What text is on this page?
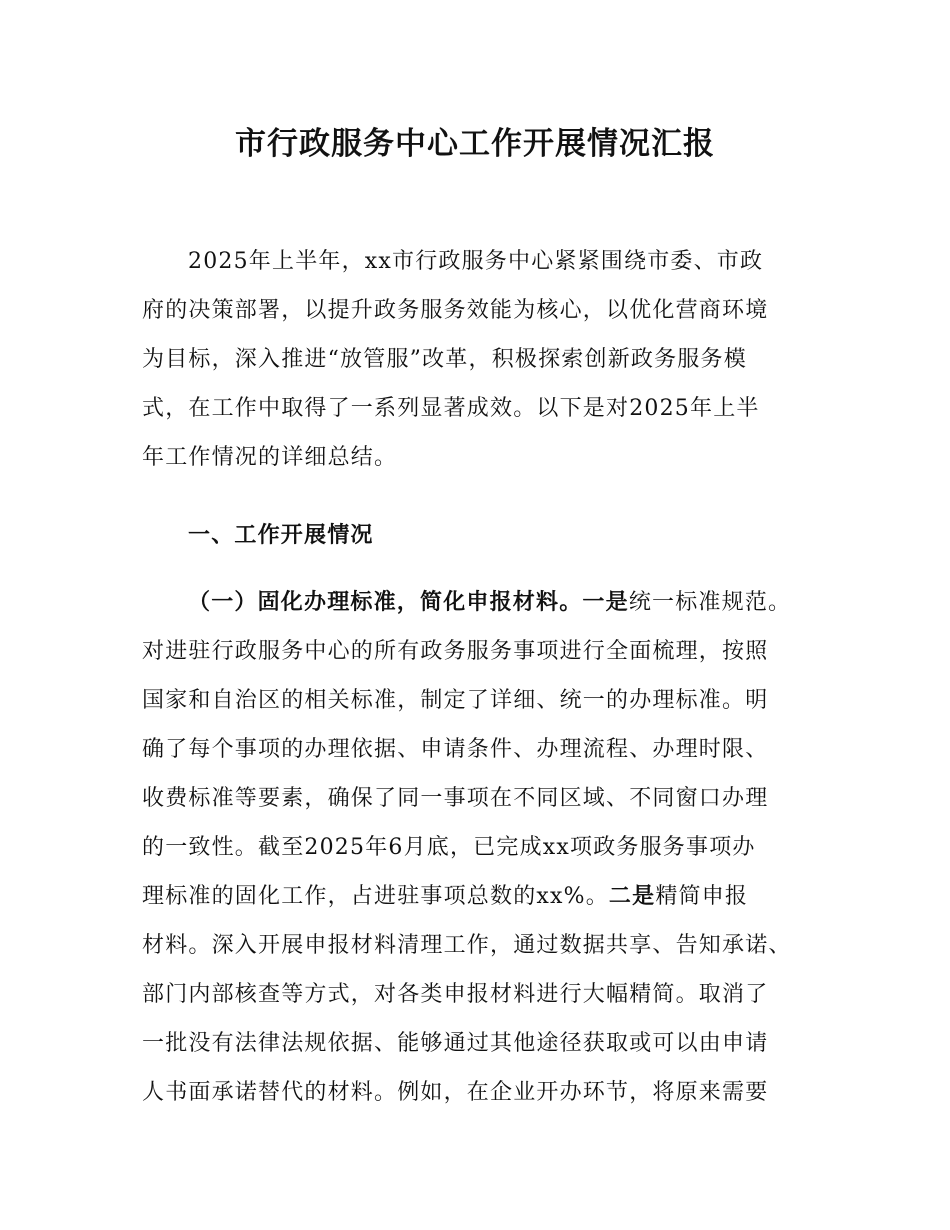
市行政服务中心工作开展情况汇报

2025年上半年，xx市行政服务中心紧紧围绕市委、市政

府的决策部署，以提升政务服务效能为核心，以优化营商环境

为目标，深入推进“放管服”改革，积极探索创新政务服务模

式，在工作中取得了一系列显著成效。以下是对2025年上半

年工作情况的详细总结。

一、工作开展情况

（一）固化办理标准，简化申报材料。一是统一标准规范。

对进驻行政服务中心的所有政务服务事项进行全面梳理，按照

国家和自治区的相关标准，制定了详细、统一的办理标准。明

确了每个事项的办理依据、申请条件、办理流程、办理时限、

收费标准等要素，确保了同一事项在不同区域、不同窗口办理

的一致性。截至2025年6月底，已完成xx项政务服务事项办

理标准的固化工作，占进驻事项总数的xx%。二是精简申报

材料。深入开展申报材料清理工作，通过数据共享、告知承诺、

部门内部核查等方式，对各类申报材料进行大幅精简。取消了

一批没有法律法规依据、能够通过其他途径获取或可以由申请

人书面承诺替代的材料。例如，在企业开办环节，将原来需要
